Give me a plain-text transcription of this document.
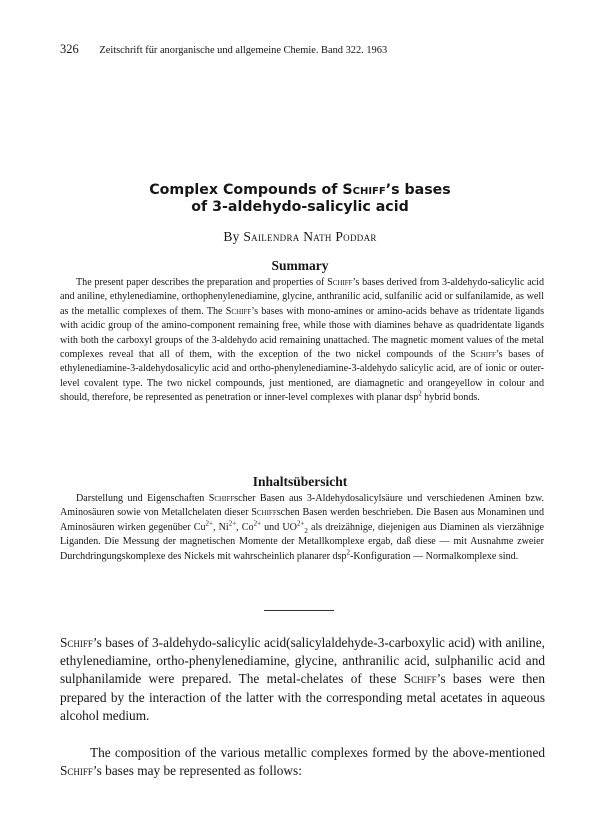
326 Zeitschrift für anorganische und allgemeine Chemie. Band 322. 1963
Complex Compounds of Schiff’s bases
of 3-aldehydo-salicylic acid
By Sailendra Nath Poddar
Summary

The present paper describes the preparation and properties of Schiff’s bases derived from 3-aldehydo-salicylic acid and aniline, ethylenediamine, orthophenylenediamine, glycine, anthranilic acid, sulfanilic acid or sulfanilamide, as well as the metallic complexes of them. The Schiff’s bases with mono-amines or amino-acids behave as tridentate ligands with acidic group of the amino-component remaining free, while those with diamines behave as quadridentate ligands with both the carboxyl groups of the 3-aldehydo acid remaining unattached. The magnetic moment values of the metal complexes reveal that all of them, with the exception of the two nickel compounds of the Schiff’s bases of ethylenediamine-3-aldehydosalicylic acid and ortho-phenylenediamine-3-aldehydo salicylic acid, are of ionic or outer-level covalent type. The two nickel compounds, just mentioned, are diamagnetic and orangeyellow in colour and should, therefore, be represented as penetration or inner-level complexes with planar dsp$^2$ hybrid bonds.

Inhaltsübersicht

Darstellung und Eigenschaften Schiffscher Basen aus 3-Aldehydosalicylsäure und verschiedenen Aminen bzw. Aminosäuren sowie von Metallchelaten dieser Schiffschen Basen werden beschrieben. Die Basen aus Monaminen und Aminosäuren wirken gegenüber $Cu^{2+}$, $Ni^{2+}$, $Co^{2+}$ und $UO^{2+}_2$ als dreizähnige, diejenigen aus Diaminen als vierzähnige Liganden. Die Messung der magnetischen Momente der Metallkomplexe ergab, daß diese — mit Ausnahme zweier Durchdringungskomplexe des Nickels mit wahrscheinlich planarer dsp$^2$-Konfiguration — Normalkomplexe sind.

Schiff’s bases of 3-aldehydo-salicylic acid(salicylaldehyde-3-carboxylic acid) with aniline, ethylenediamine, ortho-phenylenediamine, glycine, anthranilic acid, sulphanilic acid and sulphanilamide were prepared. The metal-chelates of these Schiff’s bases were then prepared by the interaction of the latter with the corresponding metal acetates in aqueous alcohol medium.

The composition of the various metallic complexes formed by the above-mentioned Schiff’s bases may be represented as follows:
